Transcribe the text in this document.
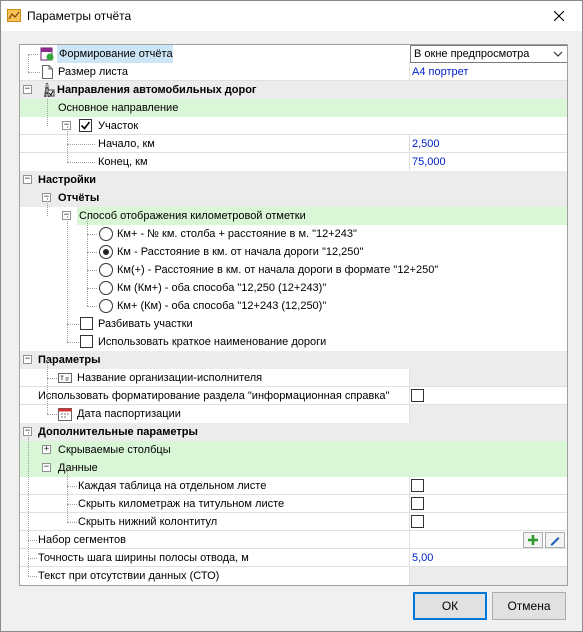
Параметры отчёта
Формирование отчёта	В окне предпросмотра
Размер листа	А4 портрет
− Направления автомобильных дорог
Основное направление
−	Участок
Начало, км	2,500
Конец, км	75,000
− Настройки
− Отчёты
− Способ отображения километровой отметки
Км+ - № км. столба + расстояние в м. "12+243"
Км - Расстояние в км. от начала дороги "12,250"
Км(+) - Расстояние в км. от начала дороги в формате "12+250"
Км (Км+) - оба способа "12,250 (12+243)"
Км+ (Км) - оба способа "12+243 (12,250)"
Разбивать участки
Использовать краткое наименование дороги
− Параметры
Название организации-исполнителя
Использовать форматирование раздела "информационная справка"
Дата паспортизации
− Дополнительные параметры
+ Скрываемые столбцы
− Данные
Каждая таблица на отдельном листе
Скрыть километраж на титульном листе
Скрыть нижний колонтитул
Набор сегментов
Точность шага ширины полосы отвода, м	5,00
Текст при отсутствии данных (СТО)
ОК	Отмена
